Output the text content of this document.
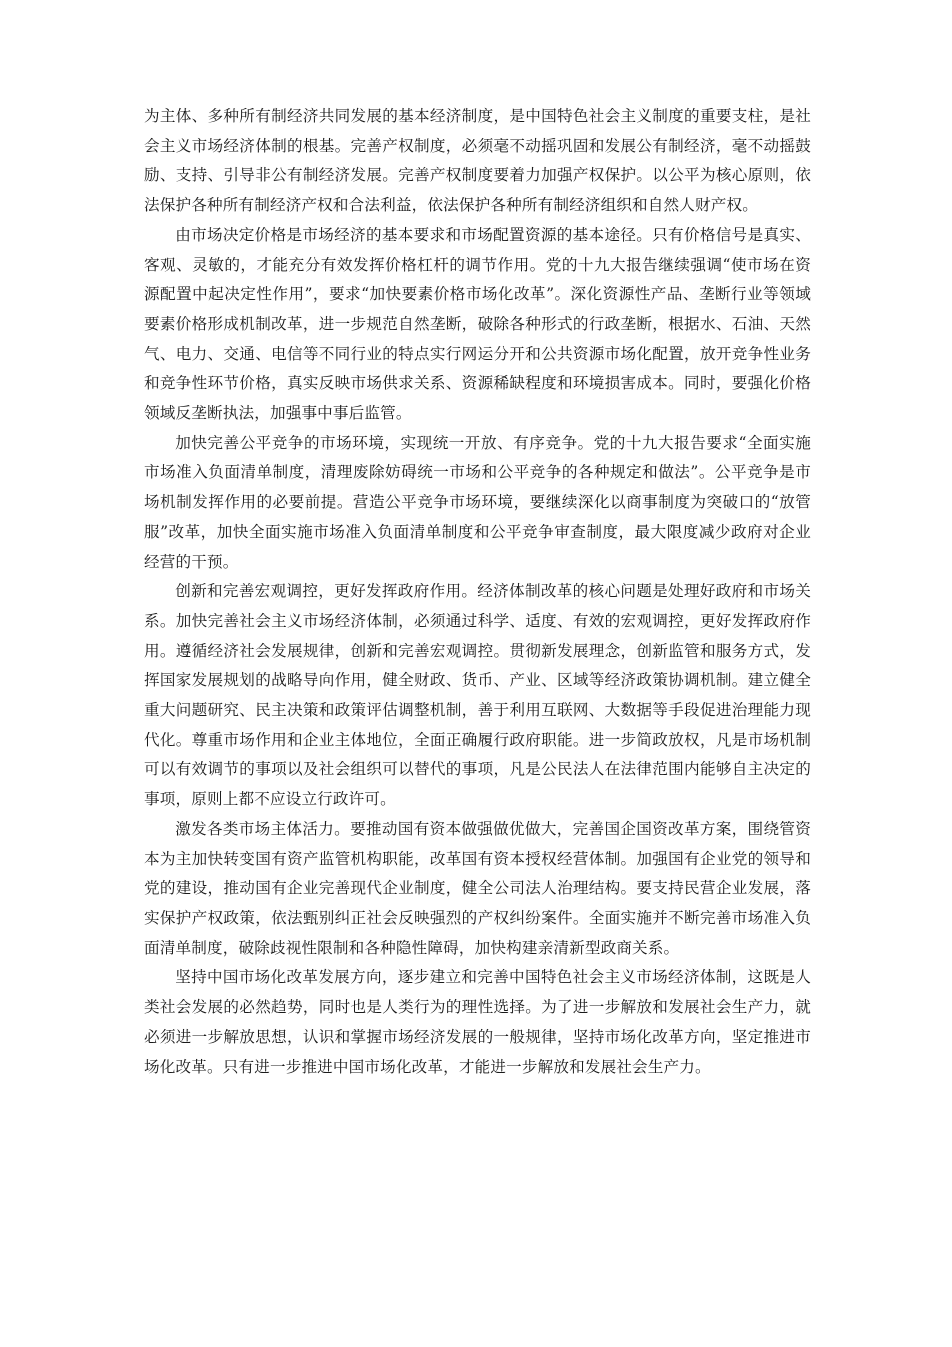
为主体、多种所有制经济共同发展的基本经济制度，是中国特色社会主义制度的重要支柱，是社会主义市场经济体制的根基。完善产权制度，必须毫不动摇巩固和发展公有制经济，毫不动摇鼓励、支持、引导非公有制经济发展。完善产权制度要着力加强产权保护。以公平为核心原则，依法保护各种所有制经济产权和合法利益，依法保护各种所有制经济组织和自然人财产权。

由市场决定价格是市场经济的基本要求和市场配置资源的基本途径。只有价格信号是真实、客观、灵敏的，才能充分有效发挥价格杠杆的调节作用。党的十九大报告继续强调“使市场在资源配置中起决定性作用”，要求“加快要素价格市场化改革”。深化资源性产品、垄断行业等领域要素价格形成机制改革，进一步规范自然垄断，破除各种形式的行政垄断，根据水、石油、天然气、电力、交通、电信等不同行业的特点实行网运分开和公共资源市场化配置，放开竞争性业务和竞争性环节价格，真实反映市场供求关系、资源稀缺程度和环境损害成本。同时，要强化价格领域反垄断执法，加强事中事后监管。

加快完善公平竞争的市场环境，实现统一开放、有序竞争。党的十九大报告要求“全面实施市场准入负面清单制度，清理废除妨碍统一市场和公平竞争的各种规定和做法”。公平竞争是市场机制发挥作用的必要前提。营造公平竞争市场环境，要继续深化以商事制度为突破口的“放管服”改革，加快全面实施市场准入负面清单制度和公平竞争审查制度，最大限度减少政府对企业经营的干预。

创新和完善宏观调控，更好发挥政府作用。经济体制改革的核心问题是处理好政府和市场关系。加快完善社会主义市场经济体制，必须通过科学、适度、有效的宏观调控，更好发挥政府作用。遵循经济社会发展规律，创新和完善宏观调控。贯彻新发展理念，创新监管和服务方式，发挥国家发展规划的战略导向作用，健全财政、货币、产业、区域等经济政策协调机制。建立健全重大问题研究、民主决策和政策评估调整机制，善于利用互联网、大数据等手段促进治理能力现代化。尊重市场作用和企业主体地位，全面正确履行政府职能。进一步简政放权，凡是市场机制可以有效调节的事项以及社会组织可以替代的事项，凡是公民法人在法律范围内能够自主决定的事项，原则上都不应设立行政许可。

激发各类市场主体活力。要推动国有资本做强做优做大，完善国企国资改革方案，围绕管资本为主加快转变国有资产监管机构职能，改革国有资本授权经营体制。加强国有企业党的领导和党的建设，推动国有企业完善现代企业制度，健全公司法人治理结构。要支持民营企业发展，落实保护产权政策，依法甄别纠正社会反映强烈的产权纠纷案件。全面实施并不断完善市场准入负面清单制度，破除歧视性限制和各种隐性障碍，加快构建亲清新型政商关系。

坚持中国市场化改革发展方向，逐步建立和完善中国特色社会主义市场经济体制，这既是人类社会发展的必然趋势，同时也是人类行为的理性选择。为了进一步解放和发展社会生产力，就必须进一步解放思想，认识和掌握市场经济发展的一般规律，坚持市场化改革方向，坚定推进市场化改革。只有进一步推进中国市场化改革，才能进一步解放和发展社会生产力。
